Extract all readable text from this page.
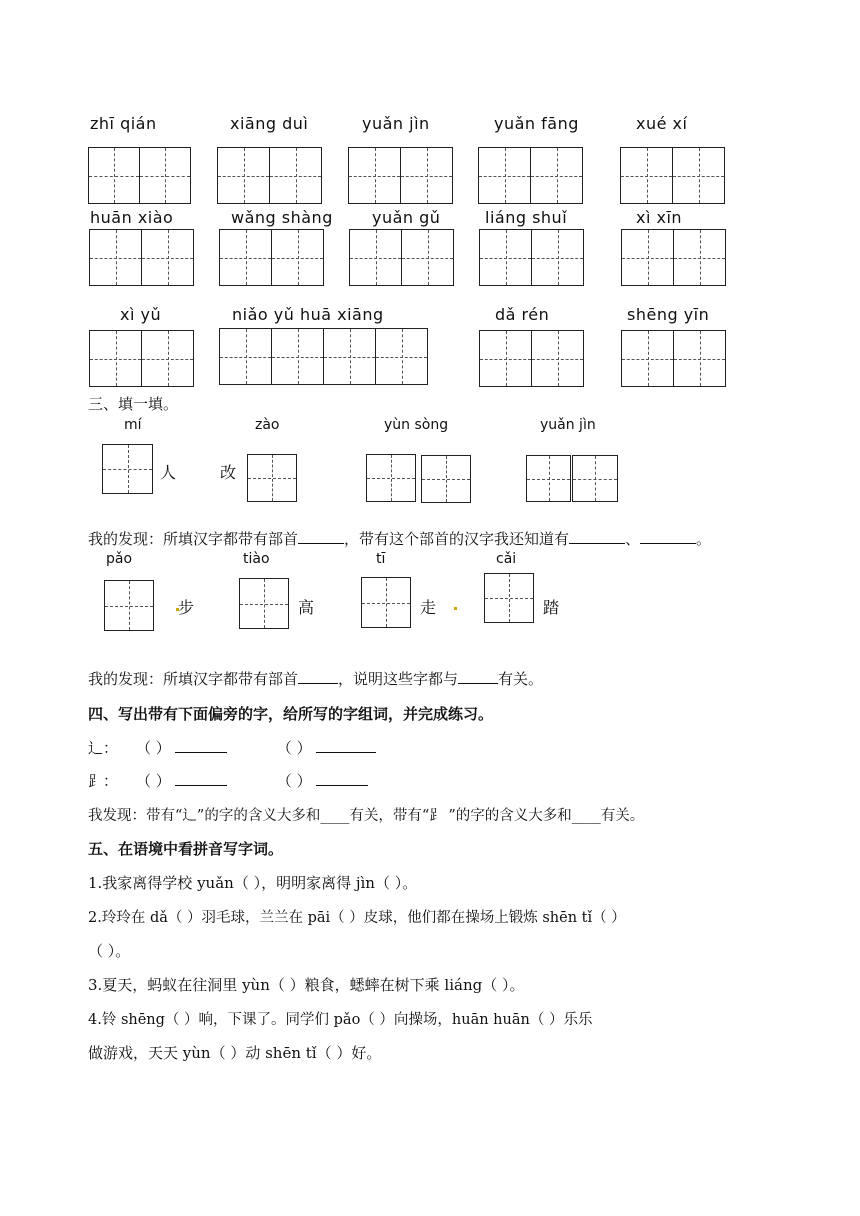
zhī qián	xiāng duì	yuǎn jìn	yuǎn fāng	xué xí
huān xiào	wǎng shàng yuǎn gǔ	liáng shuǐ	xì xīn
xì yǔ	niǎo yǔ huā xiāng	dǎ rén	shēng yīn
三、填一填。
mí	zào	yùn sòng	yuǎn jìn
人	改
我的发现：所填汉字都带有部首	，带有这个部首的汉字我还知道有	、	。
pǎo	tiào	tī	cǎi
步	高	走	踏
我的发现：所填汉字都带有部首	，说明这些字都与	有关。
四、写出带有下面偏旁的字，给所写的字组词，并完成练习。
辶： （ ）	（ ）
⻊： （ ）	（ ）
我发现：带有“辶”的字的含义大多和____有关，带有“⻊ ”的字的含义大多和____有关。
五、在语境中看拼音写字词。
1.我家离得学校 yuǎn（ ），明明家离得 jìn（ ）。
2.玲玲在 dǎ（ ）羽毛球，兰兰在 pāi（ ）皮球，他们都在操场上锻炼 shēn tǐ（ ）
（ ）。
3.夏天，蚂蚁在往洞里 yùn（ ）粮食，蟋蟀在树下乘 liáng（ ）。
4.铃 shēng（ ）响，下课了。同学们 pǎo（ ）向操场，huān huān（ ）乐乐
做游戏，天天 yùn（ ）动 shēn tǐ（ ）好。
